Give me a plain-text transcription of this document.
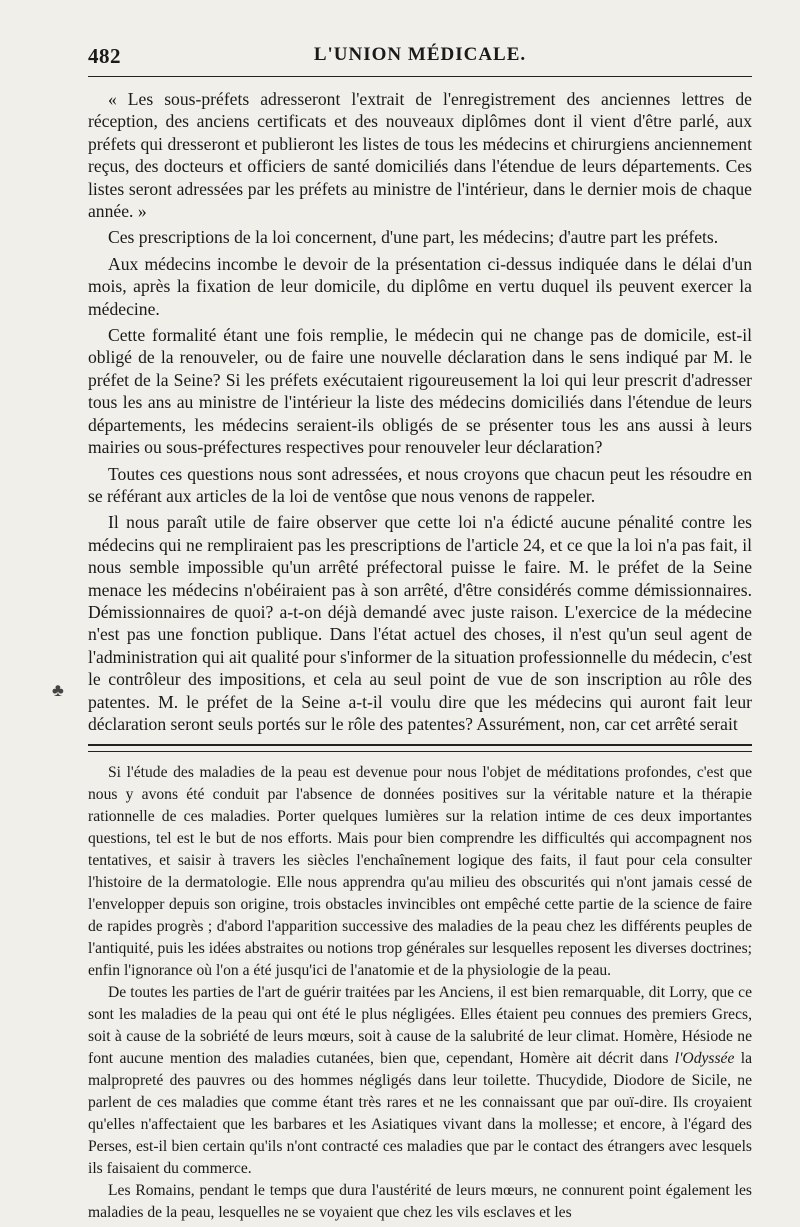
482	L'UNION MÉDICALE.
♣

« Les sous-préfets adresseront l'extrait de l'enregistrement des anciennes lettres de réception, des anciens certificats et des nouveaux diplômes dont il vient d'être parlé, aux préfets qui dresseront et publieront les listes de tous les médecins et chirurgiens anciennement reçus, des docteurs et officiers de santé domiciliés dans l'étendue de leurs départements. Ces listes seront adressées par les préfets au ministre de l'intérieur, dans le dernier mois de chaque année. »

Ces prescriptions de la loi concernent, d'une part, les médecins; d'autre part les préfets.

Aux médecins incombe le devoir de la présentation ci-dessus indiquée dans le délai d'un mois, après la fixation de leur domicile, du diplôme en vertu duquel ils peuvent exercer la médecine.

Cette formalité étant une fois remplie, le médecin qui ne change pas de domicile, est-il obligé de la renouveler, ou de faire une nouvelle déclaration dans le sens indiqué par M. le préfet de la Seine? Si les préfets exécutaient rigoureusement la loi qui leur prescrit d'adresser tous les ans au ministre de l'intérieur la liste des médecins domiciliés dans l'étendue de leurs départements, les médecins seraient-ils obligés de se présenter tous les ans aussi à leurs mairies ou sous-préfectures respectives pour renouveler leur déclaration?

Toutes ces questions nous sont adressées, et nous croyons que chacun peut les résoudre en se référant aux articles de la loi de ventôse que nous venons de rappeler.

Il nous paraît utile de faire observer que cette loi n'a édicté aucune pénalité contre les médecins qui ne rempliraient pas les prescriptions de l'article 24, et ce que la loi n'a pas fait, il nous semble impossible qu'un arrêté préfectoral puisse le faire. M. le préfet de la Seine menace les médecins n'obéiraient pas à son arrêté, d'être considérés comme démissionnaires. Démissionnaires de quoi? a-t-on déjà demandé avec juste raison. L'exercice de la médecine n'est pas une fonction publique. Dans l'état actuel des choses, il n'est qu'un seul agent de l'administration qui ait qualité pour s'informer de la situation professionnelle du médecin, c'est le contrôleur des impositions, et cela au seul point de vue de son inscription au rôle des patentes. M. le préfet de la Seine a-t-il voulu dire que les médecins qui auront fait leur déclaration seront seuls portés sur le rôle des patentes? Assurément, non, car cet arrêté serait

Si l'étude des maladies de la peau est devenue pour nous l'objet de méditations profondes, c'est que nous y avons été conduit par l'absence de données positives sur la véritable nature et la thérapie rationnelle de ces maladies. Porter quelques lumières sur la relation intime de ces deux importantes questions, tel est le but de nos efforts. Mais pour bien comprendre les difficultés qui accompagnent nos tentatives, et saisir à travers les siècles l'enchaînement logique des faits, il faut pour cela consulter l'histoire de la dermatologie. Elle nous apprendra qu'au milieu des obscurités qui n'ont jamais cessé de l'envelopper depuis son origine, trois obstacles invincibles ont empêché cette partie de la science de faire de rapides progrès ; d'abord l'apparition successive des maladies de la peau chez les différents peuples de l'antiquité, puis les idées abstraites ou notions trop générales sur lesquelles reposent les diverses doctrines; enfin l'ignorance où l'on a été jusqu'ici de l'anatomie et de la physiologie de la peau.

De toutes les parties de l'art de guérir traitées par les Anciens, il est bien remarquable, dit Lorry, que ce sont les maladies de la peau qui ont été le plus négligées. Elles étaient peu connues des premiers Grecs, soit à cause de la sobriété de leurs mœurs, soit à cause de la salubrité de leur climat. Homère, Hésiode ne font aucune mention des maladies cutanées, bien que, cependant, Homère ait décrit dans l'Odyssée la malpropreté des pauvres ou des hommes négligés dans leur toilette. Thucydide, Diodore de Sicile, ne parlent de ces maladies que comme étant très rares et ne les connaissant que par ouï-dire. Ils croyaient qu'elles n'affectaient que les barbares et les Asiatiques vivant dans la mollesse; et encore, à l'égard des Perses, est-il bien certain qu'ils n'ont contracté ces maladies que par le contact des étrangers avec lesquels ils faisaient du commerce.

Les Romains, pendant le temps que dura l'austérité de leurs mœurs, ne connurent point également les maladies de la peau, lesquelles ne se voyaient que chez les vils esclaves et les
